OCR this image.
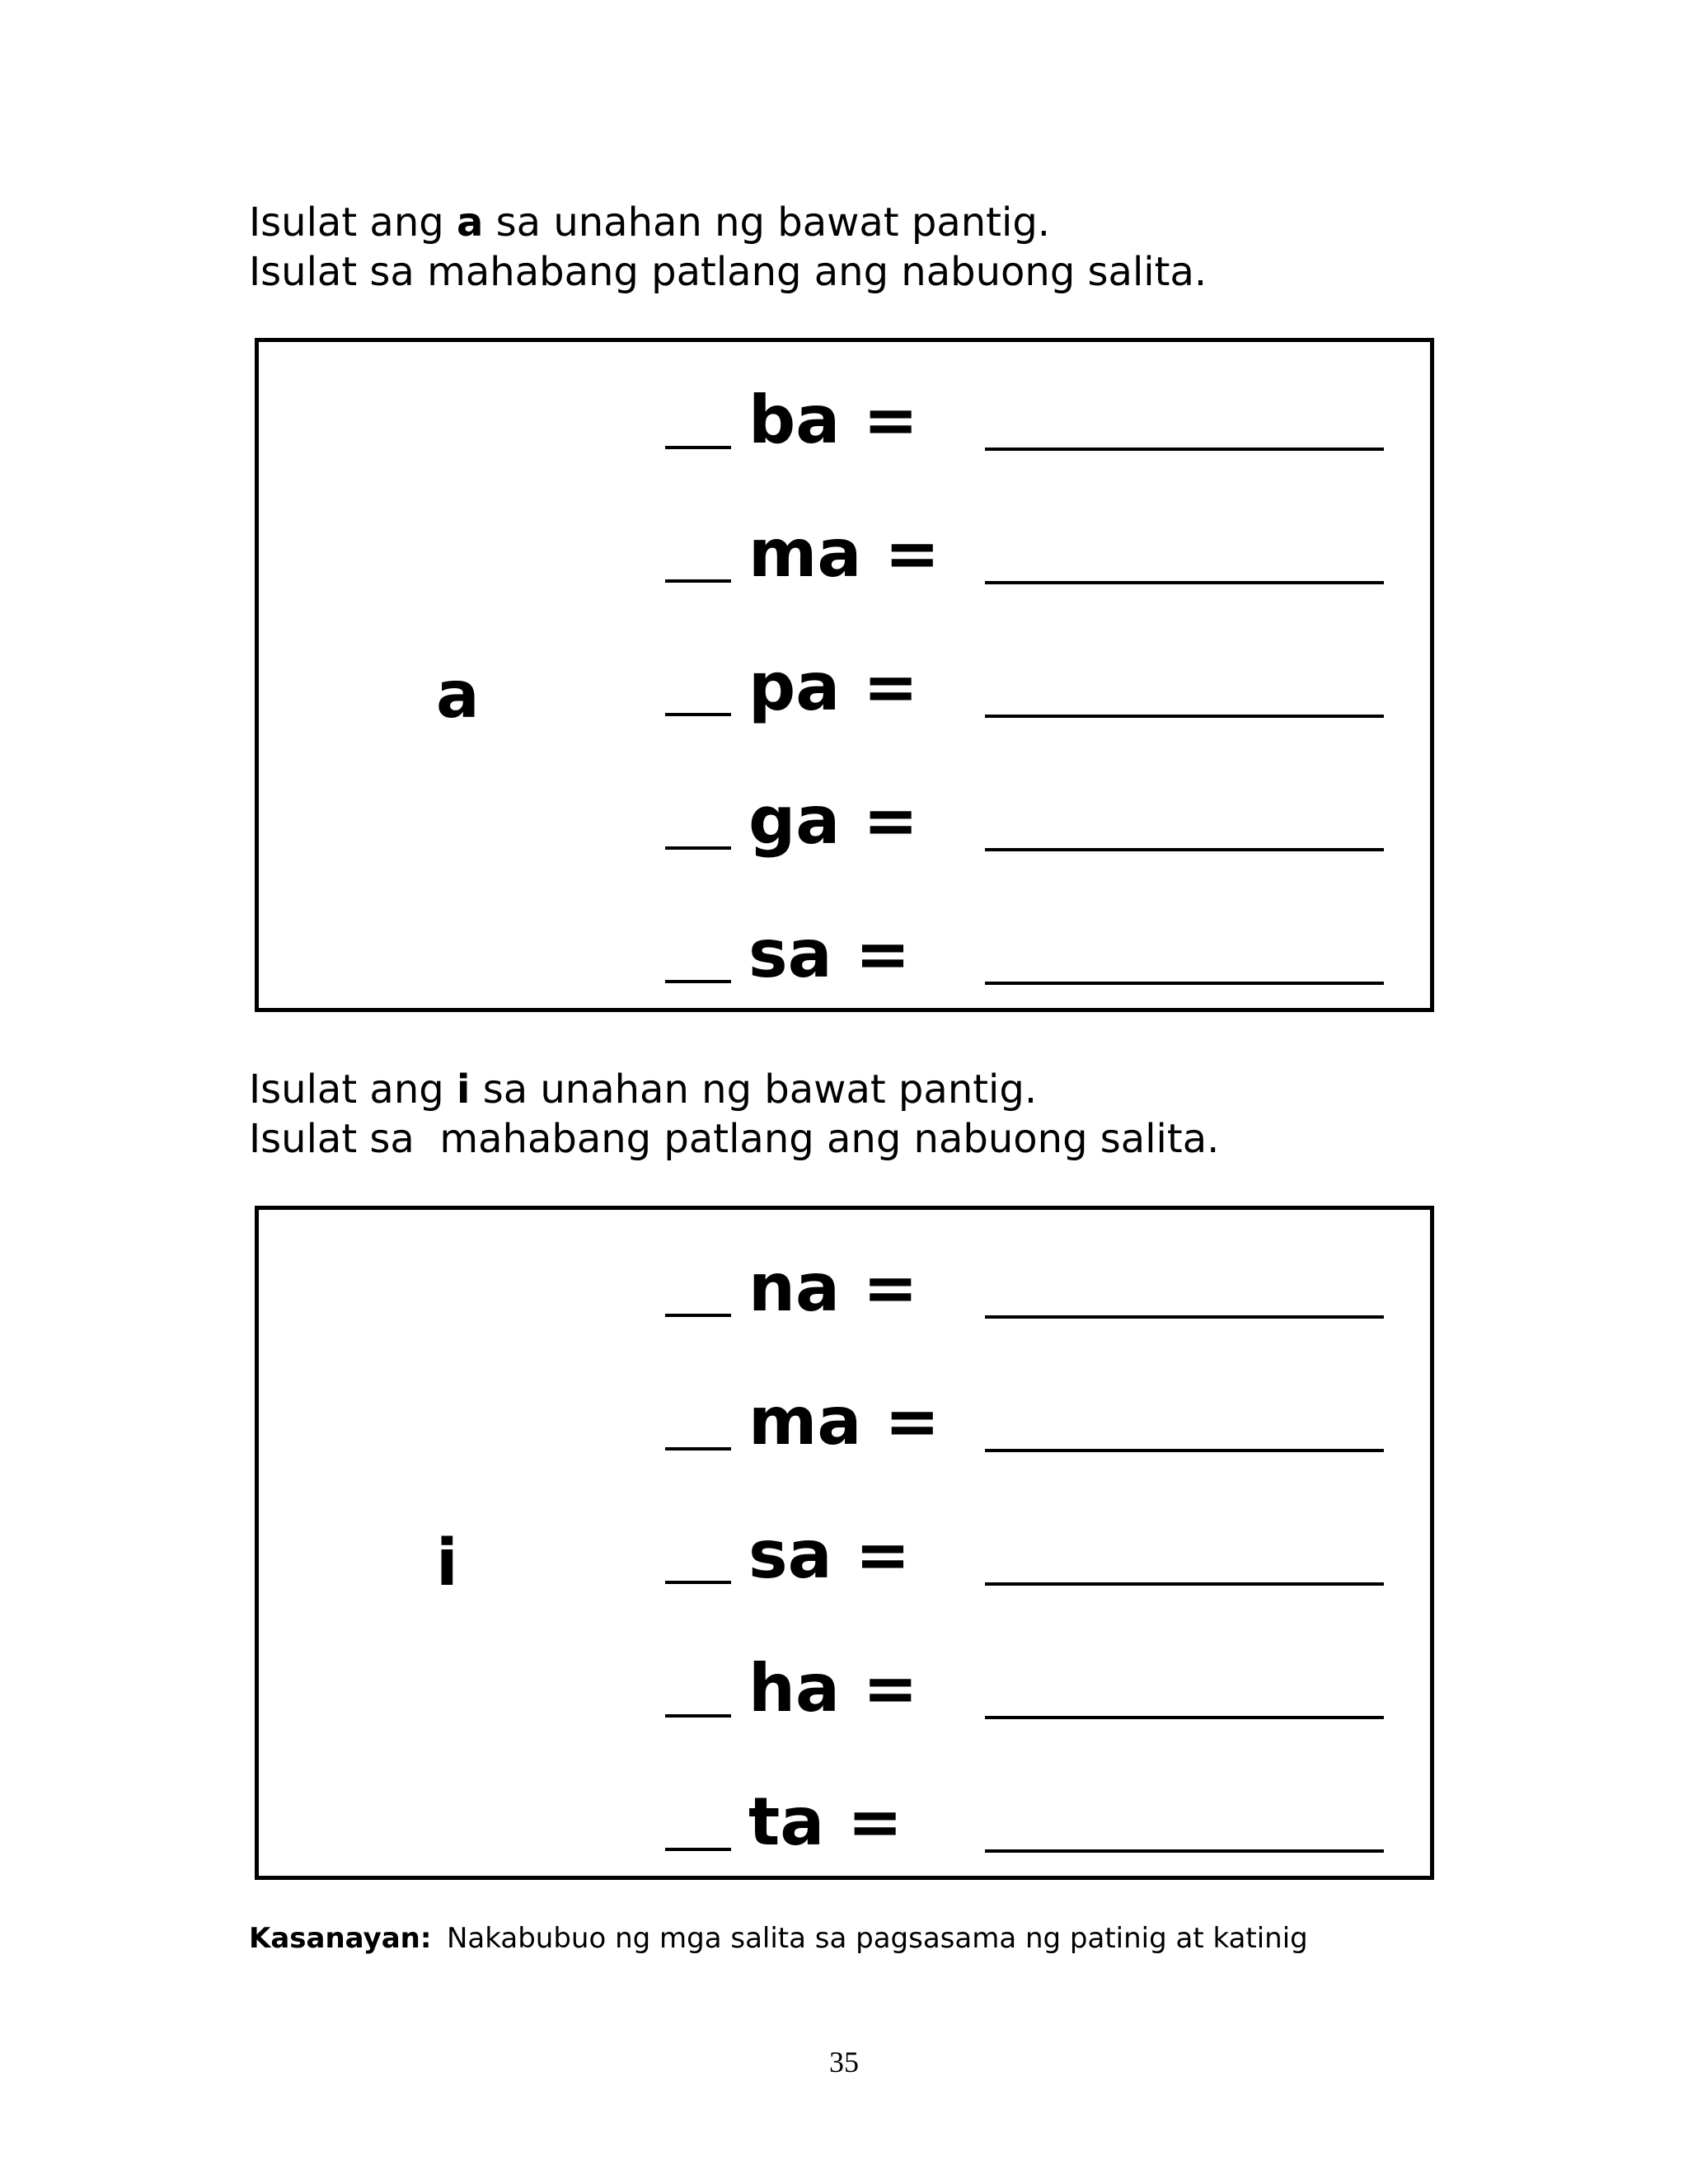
Isulat ang a sa unahan ng bawat pantig.
Isulat sa mahabang patlang ang nabuong salita.
a
ba =
ma =
pa =
ga =
sa =
Isulat ang i sa unahan ng bawat pantig.
Isulat sa  mahabang patlang ang nabuong salita.
i
na =
ma =
sa =
ha =
ta =
Kasanayan: Nakabubuo ng mga salita sa pagsasama ng patinig at katinig
35
